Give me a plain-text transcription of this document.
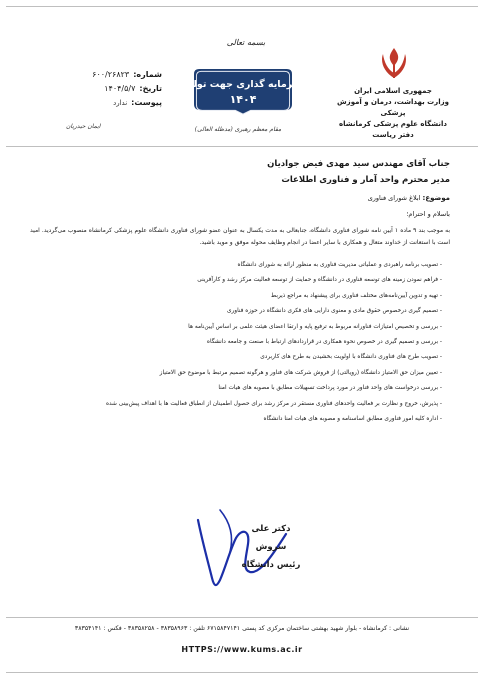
جمهوری اسلامی ایران
وزارت بهداشت، درمان و آموزش پزشکی
دانشگاه علوم پزشکی کرمانشاه
دفتر ریاست
بسمه تعالی
سرمایه گذاری جهت تولید
۱۴۰۴
مقام معظم رهبری (مدظله العالی)
شماره:
۶۰۰/۲۶۸۲۳
تاریخ:
۱۴۰۴/۵/۷
پیوست:
ندارد
ایمان حیدریان
جناب آقای مهندس سید مهدی فیض جوادیان
مدیر محترم واحد آمار و فناوری اطلاعات
موضوع: ابلاغ شورای فناوری
باسلام و احترام؛
به موجب بند ۹ ماده ۱ آیین نامه شورای فناوری دانشگاه، جنابعالی به مدت یکسال به عنوان عضو شورای فناوری دانشگاه علوم پزشکی کرمانشاه منصوب می‌گردید. امید است با استعانت از خداوند متعال و همکاری با سایر اعضا در انجام وظایف محوله موفق و موید باشید.
- تصویب برنامه راهبردی و عملیاتی مدیریت فناوری به منظور ارائه به شورای دانشگاه
- فراهم نمودن زمینه های توسعه فناوری در دانشگاه و حمایت از توسعه فعالیت مرکز رشد و کارآفرینی
- تهیه و تدوین آیین‌نامه‌های مختلف فناوری برای پیشنهاد به مراجع ذیربط
- تصمیم گیری درخصوص حقوق مادی و معنوی دارایی های فکری دانشگاه در حوزه فناوری
- بررسی و تخصیص امتیازات فناورانه مربوط به ترفیع پایه و ارتقا اعضای هیئت علمی بر اساس آیین‌نامه ها
- بررسی و تصمیم گیری در خصوص نحوه همکاری در قراردادهای ارتباط با صنعت و جامعه دانشگاه
- تصویب طرح های فناوری دانشگاه با اولویت بخشیدن به طرح های کاربردی
- تعیین میزان حق الامتیاز دانشگاه (رویالتی) از فروش شرکت های فناور و هرگونه تصمیم مرتبط با موضوع حق الامتیاز
- بررسی درخواست های واحد فناور در مورد پرداخت تسهیلات مطابق با مصوبه های هیات امنا
- پذیرش، خروج و نظارت بر فعالیت واحدهای فناوری مستقر در مرکز رشد برای حصول اطمینان از انطباق فعالیت ها با اهداف پیش‌بینی شده
- اداره کلیه امور فناوری مطابق اساسنامه و مصوبه های هیات امنا دانشگاه
دکتر علی سروش
رئیس دانشگاه
نشانی : کرمانشاه - بلوار شهید بهشتی ساختمان مرکزی کد پستی ۶۷۱۵۸۴۷۱۴۱ تلفن : ۳۸۳۵۸۹۶۳ - ۳۸۳۵۸۲۵۸ - فکس : ۳۸۳۵۴۱۴۱
HTTPS://www.kums.ac.ir
